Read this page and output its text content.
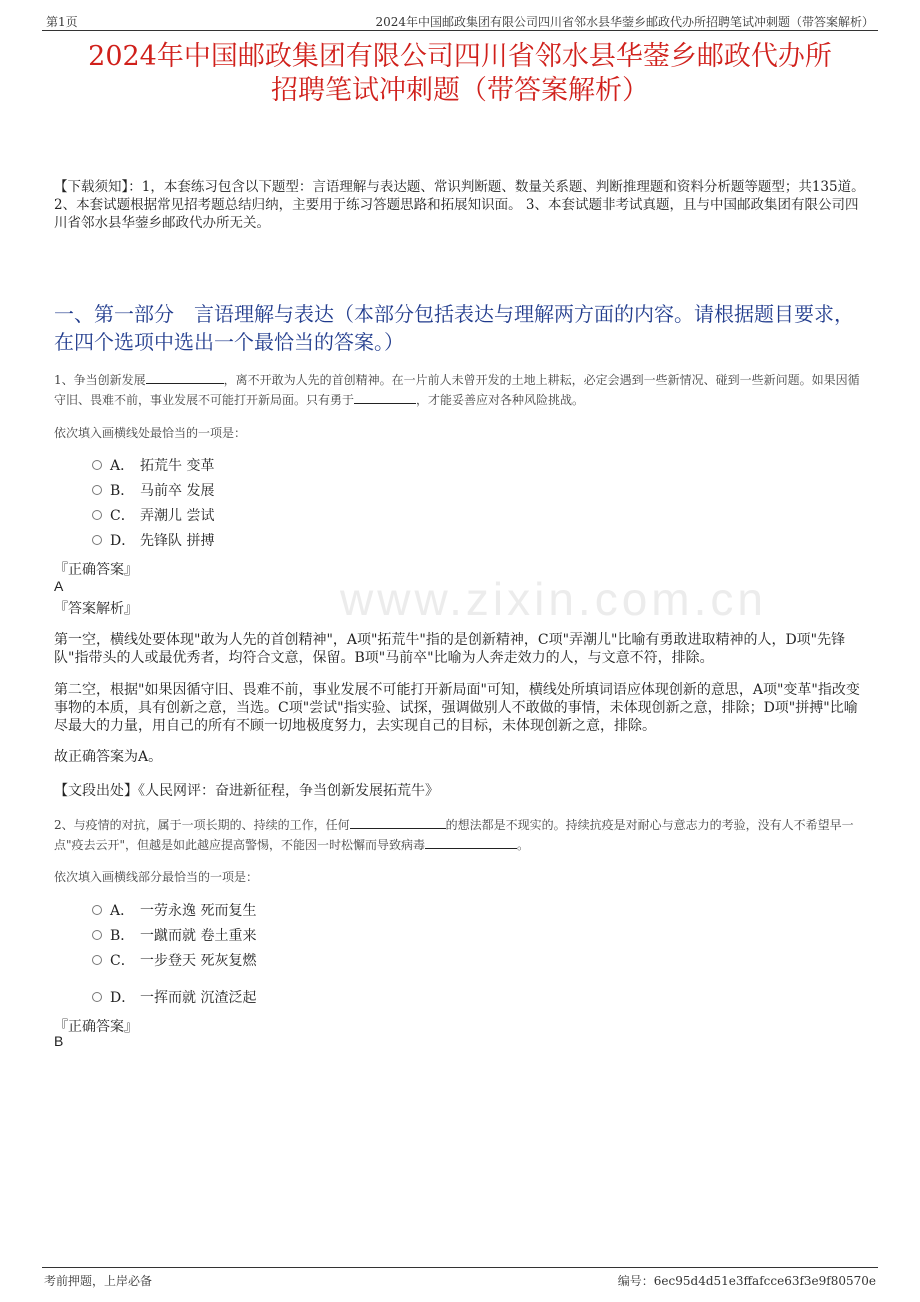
第1页	2024年中国邮政集团有限公司四川省邻水县华蓥乡邮政代办所招聘笔试冲刺题（带答案解析）
2024年中国邮政集团有限公司四川省邻水县华蓥乡邮政代办所
招聘笔试冲刺题（带答案解析）
【下载须知】：1，本套练习包含以下题型：言语理解与表达题、常识判断题、数量关系题、判断推理题和资料分析题等题型；共135道。 2、本套试题根据常见招考题总结归纳，主要用于练习答题思路和拓展知识面。 3、本套试题非考试真题，且与中国邮政集团有限公司四川省邻水县华蓥乡邮政代办所无关。
一、第一部分　言语理解与表达（本部分包括表达与理解两方面的内容。请根据题目要求，在四个选项中选出一个最恰当的答案。）
www.zixin.com.cn
1、争当创新发展	，离不开敢为人先的首创精神。在一片前人未曾开发的土地上耕耘，必定会遇到一些新情况、碰到一些新问题。如果因循守旧、畏难不前，事业发展不可能打开新局面。只有勇于	，才能妥善应对各种风险挑战。
依次填入画横线处最恰当的一项是：
A． 拓荒牛 变革
B． 马前卒 发展
C． 弄潮儿 尝试
D． 先锋队 拼搏
『正确答案』
A
『答案解析』
第一空，横线处要体现"敢为人先的首创精神"，A项"拓荒牛"指的是创新精神，C项"弄潮儿"比喻有勇敢进取精神的人，D项"先锋队"指带头的人或最优秀者，均符合文意，保留。B项"马前卒"比喻为人奔走效力的人，与文意不符，排除。
第二空，根据"如果因循守旧、畏难不前，事业发展不可能打开新局面"可知，横线处所填词语应体现创新的意思，A项"变革"指改变事物的本质，具有创新之意，当选。C项"尝试"指实验、试探，强调做别人不敢做的事情，未体现创新之意，排除；D项"拼搏"比喻尽最大的力量，用自己的所有不顾一切地极度努力，去实现自己的目标，未体现创新之意，排除。
故正确答案为A。
【文段出处】《人民网评：奋进新征程，争当创新发展拓荒牛》
2、与疫情的对抗，属于一项长期的、持续的工作，任何	的想法都是不现实的。持续抗疫是对耐心与意志力的考验，没有人不希望早一点"疫去云开"，但越是如此越应提高警惕，不能因一时松懈而导致病毒	。
依次填入画横线部分最恰当的一项是：
A． 一劳永逸 死而复生
B． 一蹴而就 卷土重来
C． 一步登天 死灰复燃
D． 一挥而就 沉渣泛起
『正确答案』
B
考前押题，上岸必备	编号：6ec95d4d51e3ffafcce63f3e9f80570e
